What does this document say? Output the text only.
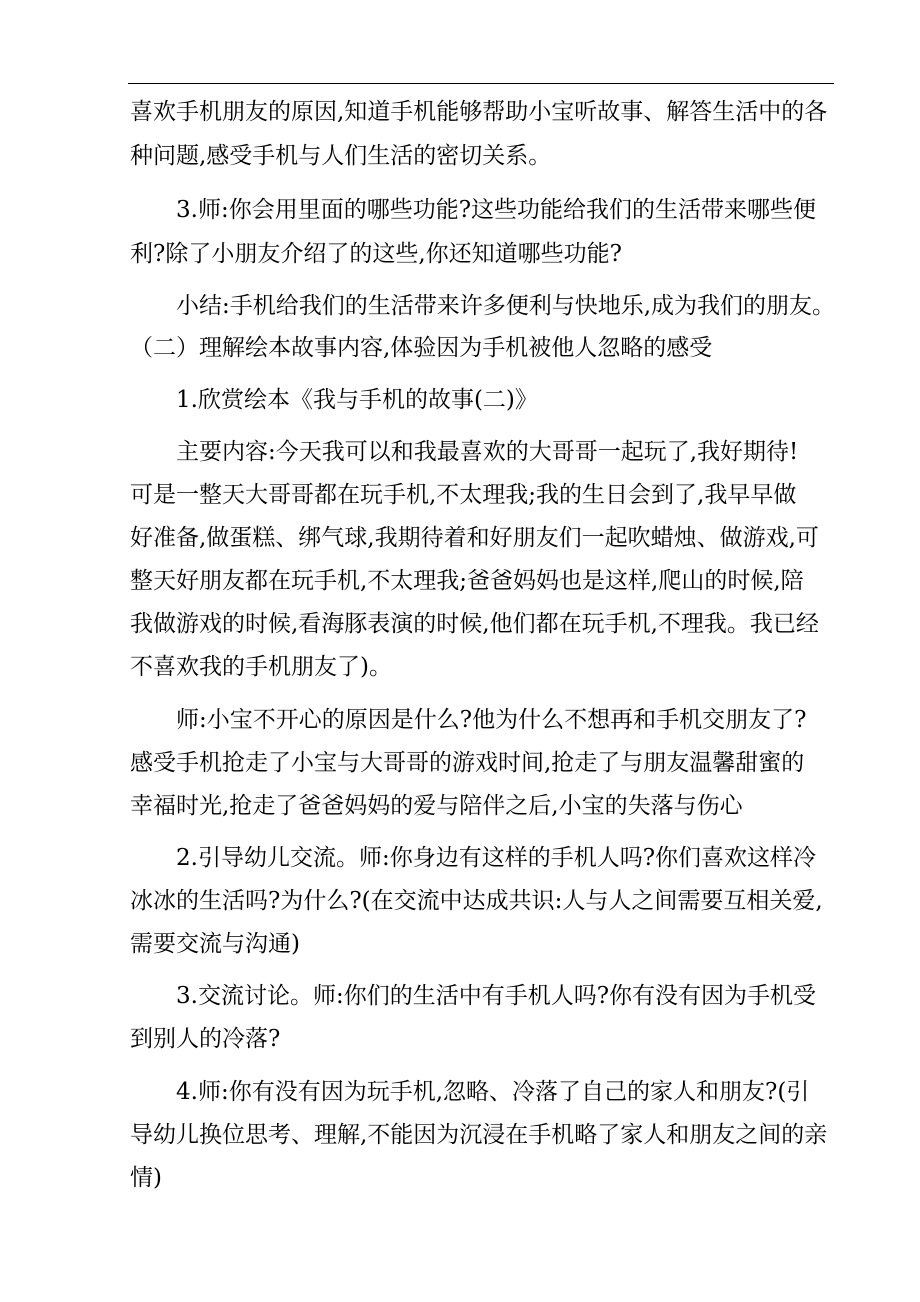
喜欢手机朋友的原因,知道手机能够帮助小宝听故事、解答生活中的各
种问题,感受手机与人们生活的密切关系。
3.师:你会用里面的哪些功能?这些功能给我们的生活带来哪些便
利?除了小朋友介绍了的这些,你还知道哪些功能?
小结:手机给我们的生活带来许多便利与快地乐,成为我们的朋友。
（二）理解绘本故事内容,体验因为手机被他人忽略的感受
1.欣赏绘本《我与手机的故事(二)》
主要内容:今天我可以和我最喜欢的大哥哥一起玩了,我好期待!
可是一整天大哥哥都在玩手机,不太理我;我的生日会到了,我早早做
好准备,做蛋糕、绑气球,我期待着和好朋友们一起吹蜡烛、做游戏,可
整天好朋友都在玩手机,不太理我;爸爸妈妈也是这样,爬山的时候,陪
我做游戏的时候,看海豚表演的时候,他们都在玩手机,不理我。我已经
不喜欢我的手机朋友了)。
师:小宝不开心的原因是什么?他为什么不想再和手机交朋友了?
感受手机抢走了小宝与大哥哥的游戏时间,抢走了与朋友温馨甜蜜的
幸福时光,抢走了爸爸妈妈的爱与陪伴之后,小宝的失落与伤心
2.引导幼儿交流。师:你身边有这样的手机人吗?你们喜欢这样冷
冰冰的生活吗?为什么?(在交流中达成共识:人与人之间需要互相关爱,
需要交流与沟通)
3.交流讨论。师:你们的生活中有手机人吗?你有没有因为手机受
到别人的冷落?
4.师:你有没有因为玩手机,忽略、冷落了自己的家人和朋友?(引
导幼儿换位思考、理解,不能因为沉浸在手机略了家人和朋友之间的亲
情)
